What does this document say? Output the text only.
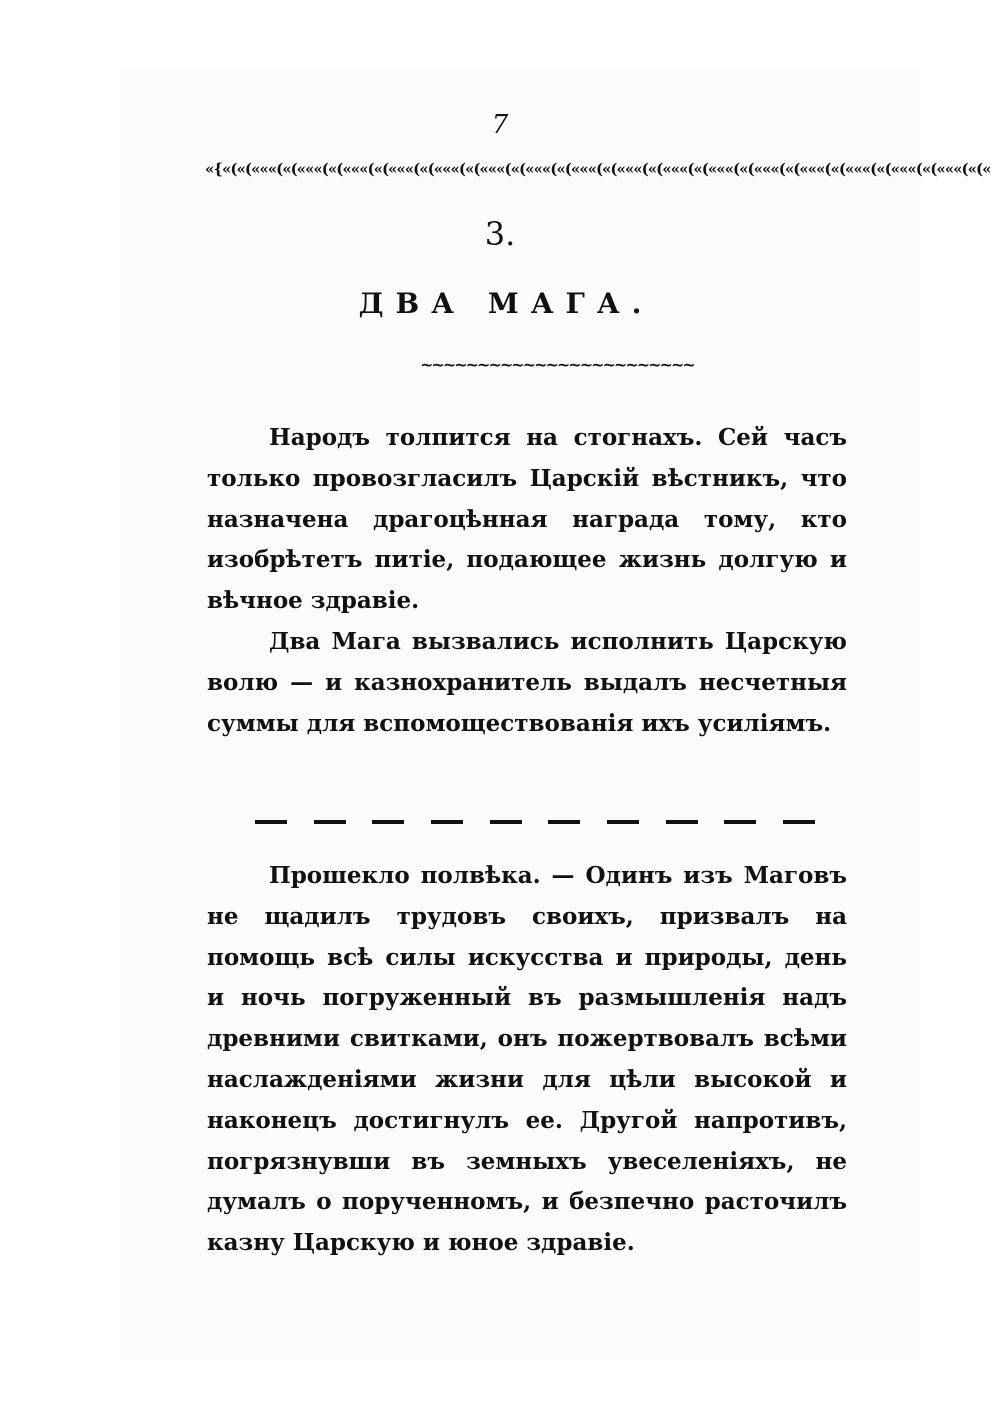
7
«{«(«(«««(«(«««(«(«««(«(«««(«(«««(«(«««(«(«««(«(«««(«(«««(«(«««(«(«««(«(«««(«(«««(«(«««(«(«««(«(«««(«(«
3.
ДВА МАГА.
~~~~~~~~~~~~~~~~~~~~~~~~

Народъ толпится на стогнахъ. Сей часъ только провозгласилъ Царскій вѣстникъ, что назначена драгоцѣнная награда тому, кто изобрѣтетъ питіе, подающее жизнь долгую и вѣчное здравіе.

Два Мага вызвались исполнить Царскую волю — и казнохранитель выдалъ несчетныя суммы для вспомоществованія ихъ усиліямъ.

Прошекло полвѣка. — Одинъ изъ Маговъ не щадилъ трудовъ своихъ, призвалъ на помощь всѣ силы искусства и природы, день и ночь погруженный въ размышленія надъ древними свитками, онъ пожертвовалъ всѣми наслажденіями жизни для цѣли высокой и наконецъ достигнулъ ее. Другой напротивъ, погрязнувши въ земныхъ увеселеніяхъ, не думалъ о порученномъ, и безпечно расточилъ казну Царскую и юное здравіе.
